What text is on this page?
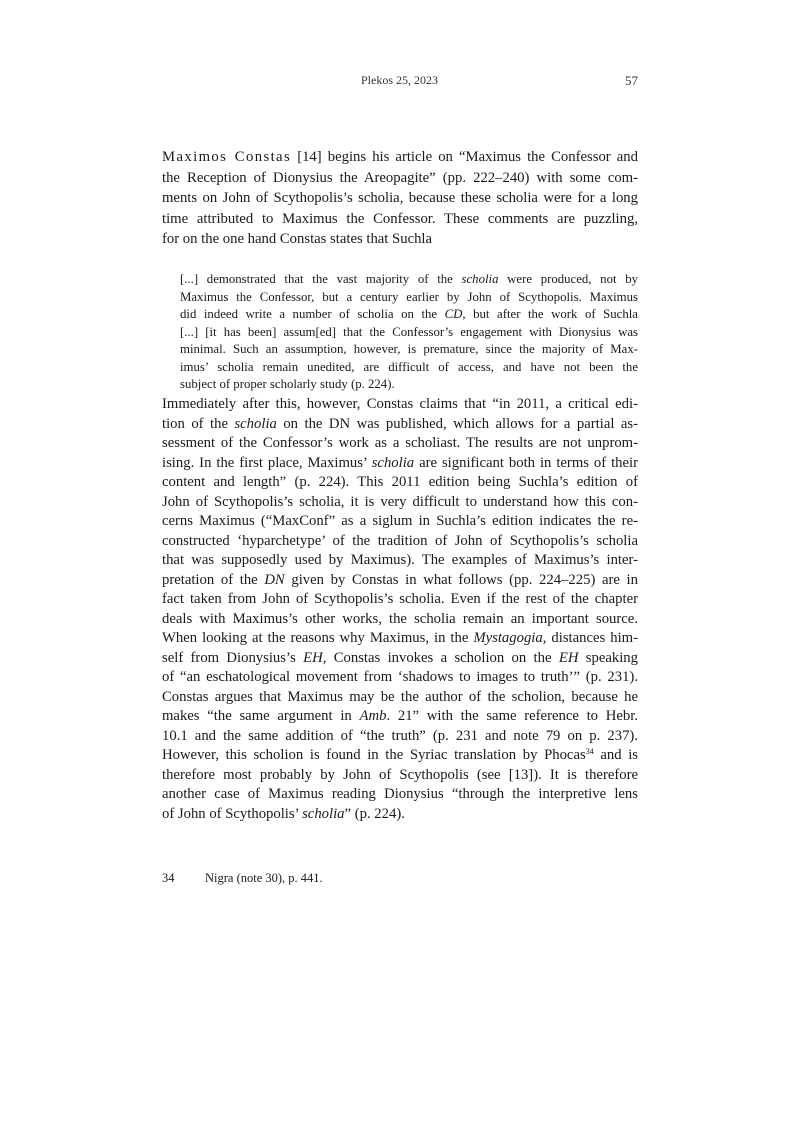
Plekos 25, 2023	57
Maximos Constas [14] begins his article on “Maximus the Confessor and
the Reception of Dionysius the Areopagite” (pp. 222–240) with some com-
ments on John of Scythopolis’s scholia, because these scholia were for a long
time attributed to Maximus the Confessor. These comments are puzzling,
for on the one hand Constas states that Suchla
[...] demonstrated that the vast majority of the scholia were produced, not by
Maximus the Confessor, but a century earlier by John of Scythopolis. Maximus
did indeed write a number of scholia on the CD, but after the work of Suchla
[...] [it has been] assum[ed] that the Confessor’s engagement with Dionysius was
minimal. Such an assumption, however, is premature, since the majority of Max-
imus’ scholia remain unedited, are difficult of access, and have not been the
subject of proper scholarly study (p. 224).
Immediately after this, however, Constas claims that “in 2011, a critical edi-
tion of the scholia on the DN was published, which allows for a partial as-
sessment of the Confessor’s work as a scholiast. The results are not unprom-
ising. In the first place, Maximus’ scholia are significant both in terms of their
content and length” (p. 224). This 2011 edition being Suchla’s edition of
John of Scythopolis’s scholia, it is very difficult to understand how this con-
cerns Maximus (“MaxConf” as a siglum in Suchla’s edition indicates the re-
constructed ‘hyparchetype’ of the tradition of John of Scythopolis’s scholia
that was supposedly used by Maximus). The examples of Maximus’s inter-
pretation of the DN given by Constas in what follows (pp. 224–225) are in
fact taken from John of Scythopolis’s scholia. Even if the rest of the chapter
deals with Maximus’s other works, the scholia remain an important source.
When looking at the reasons why Maximus, in the Mystagogia, distances him-
self from Dionysius’s EH, Constas invokes a scholion on the EH speaking
of “an eschatological movement from ‘shadows to images to truth’” (p. 231).
Constas argues that Maximus may be the author of the scholion, because he
makes “the same argument in Amb. 21” with the same reference to Hebr.
10.1 and the same addition of “the truth” (p. 231 and note 79 on p. 237).
However, this scholion is found in the Syriac translation by Phocas$^{34}$ and is
therefore most probably by John of Scythopolis (see [13]). It is therefore
another case of Maximus reading Dionysius “through the interpretive lens
of John of Scythopolis’ scholia” (p. 224).
34 Nigra (note 30), p. 441.
